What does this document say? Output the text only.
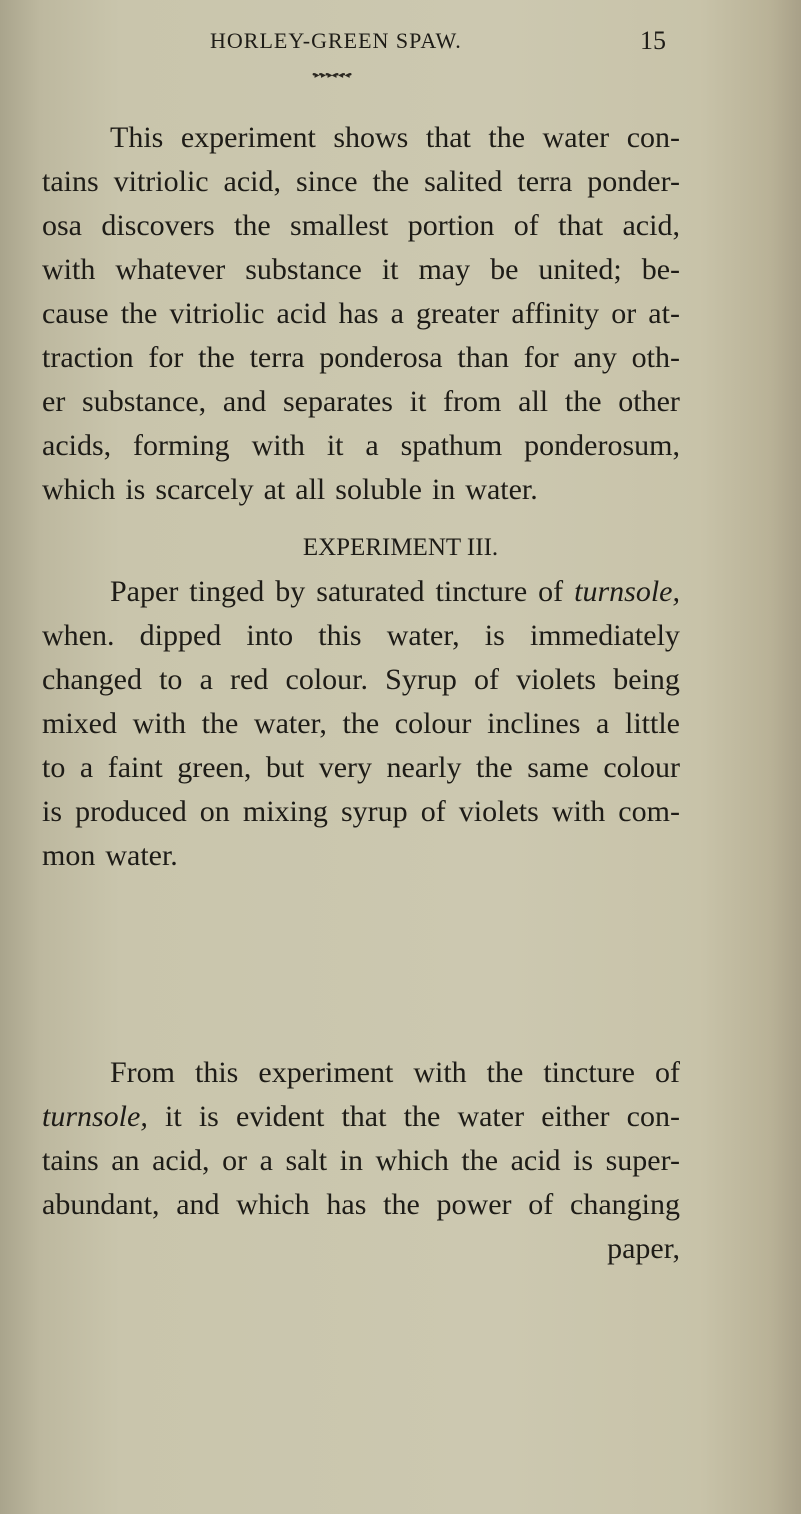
HORLEY-GREEN SPAW.	15
•▸•▸•▸◂•◂•◂•
This experiment shows that the water con-
tains vitriolic acid, since the salited terra ponder-
osa discovers the smallest portion of that acid,
with whatever substance it may be united; be-
cause the vitriolic acid has a greater affinity or at-
traction for the terra ponderosa than for any oth-
er substance, and separates it from all the other
acids, forming with it a spathum ponderosum,
which is scarcely at all soluble in water.
EXPERIMENT III.
Paper tinged by saturated tincture of turnsole,
when. dipped into this water, is immediately
changed to a red colour. Syrup of violets being
mixed with the water, the colour inclines a little
to a faint green, but very nearly the same colour
is produced on mixing syrup of violets with com-
mon water.
From this experiment with the tincture of
turnsole, it is evident that the water either con-
tains an acid, or a salt in which the acid is super-
abundant, and which has the power of changing
paper,
